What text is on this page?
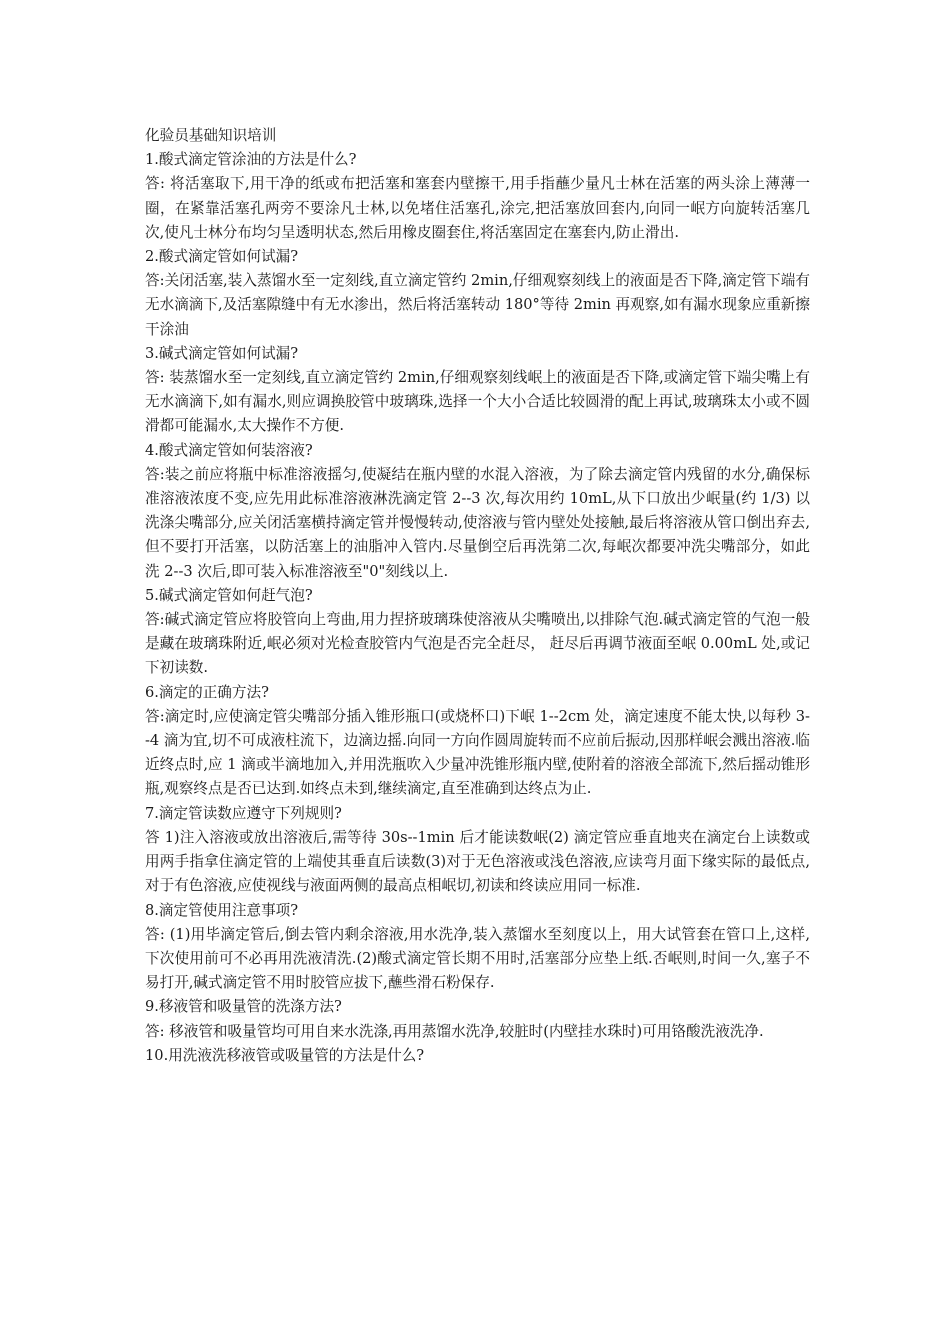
化验员基础知识培训

1.酸式滴定管涂油的方法是什么?

答: 将活塞取下,用干净的纸或布把活塞和塞套内壁擦干,用手指蘸少量凡士林在活塞的两头涂上薄薄一圈，在紧靠活塞孔两旁不要涂凡士林,以免堵住活塞孔,涂完,把活塞放回套内,向同一岷方向旋转活塞几次,使凡士林分布均匀呈透明状态,然后用橡皮圈套住,将活塞固定在塞套内,防止滑出.

2.酸式滴定管如何试漏?

答:关闭活塞,装入蒸馏水至一定刻线,直立滴定管约 2min,仔细观察刻线上的液面是否下降,滴定管下端有无水滴滴下,及活塞隙缝中有无水渗出，然后将活塞转动 180°等待 2min 再观察,如有漏水现象应重新擦干涂油

3.碱式滴定管如何试漏?

答: 装蒸馏水至一定刻线,直立滴定管约 2min,仔细观察刻线岷上的液面是否下降,或滴定管下端尖嘴上有无水滴滴下,如有漏水,则应调换胶管中玻璃珠,选择一个大小合适比较圆滑的配上再试,玻璃珠太小或不圆滑都可能漏水,太大操作不方便.

4.酸式滴定管如何装溶液?

答:装之前应将瓶中标准溶液摇匀,使凝结在瓶内壁的水混入溶液，为了除去滴定管内残留的水分,确保标准溶液浓度不变,应先用此标准溶液淋洗滴定管 2--3 次,每次用约 10mL,从下口放出少岷量(约 1/3) 以洗涤尖嘴部分,应关闭活塞横持滴定管并慢慢转动,使溶液与管内壁处处接触,最后将溶液从管口倒出弃去,但不要打开活塞，以防活塞上的油脂冲入管内.尽量倒空后再洗第二次,每岷次都要冲洗尖嘴部分，如此洗 2--3 次后,即可装入标准溶液至"0"刻线以上.

5.碱式滴定管如何赶气泡?

答:碱式滴定管应将胶管向上弯曲,用力捏挤玻璃珠使溶液从尖嘴喷出,以排除气泡.碱式滴定管的气泡一般是藏在玻璃珠附近,岷必须对光检查胶管内气泡是否完全赶尽， 赶尽后再调节液面至岷 0.00mL 处,或记下初读数.

6.滴定的正确方法?

答:滴定时,应使滴定管尖嘴部分插入锥形瓶口(或烧杯口)下岷 1--2cm 处，滴定速度不能太快,以每秒 3--4 滴为宜,切不可成液柱流下，边滴边摇.向同一方向作圆周旋转而不应前后振动,因那样岷会溅出溶液.临近终点时,应 1 滴或半滴地加入,并用洗瓶吹入少量冲洗锥形瓶内壁,使附着的溶液全部流下,然后摇动锥形瓶,观察终点是否已达到.如终点未到,继续滴定,直至准确到达终点为止.

7.滴定管读数应遵守下列规则?

答 1)注入溶液或放出溶液后,需等待 30s--1min 后才能读数岷(2) 滴定管应垂直地夹在滴定台上读数或用两手指拿住滴定管的上端使其垂直后读数(3)对于无色溶液或浅色溶液,应读弯月面下缘实际的最低点,对于有色溶液,应使视线与液面两侧的最高点相岷切,初读和终读应用同一标准.

8.滴定管使用注意事项?

答: (1)用毕滴定管后,倒去管内剩余溶液,用水洗净,装入蒸馏水至刻度以上，用大试管套在管口上,这样,下次使用前可不必再用洗液清洗.(2)酸式滴定管长期不用时,活塞部分应垫上纸.否岷则,时间一久,塞子不易打开,碱式滴定管不用时胶管应拔下,蘸些滑石粉保存.

9.移液管和吸量管的洗涤方法?

答: 移液管和吸量管均可用自来水洗涤,再用蒸馏水洗净,较脏时(内壁挂水珠时)可用铬酸洗液洗净.

10.用洗液洗移液管或吸量管的方法是什么?
